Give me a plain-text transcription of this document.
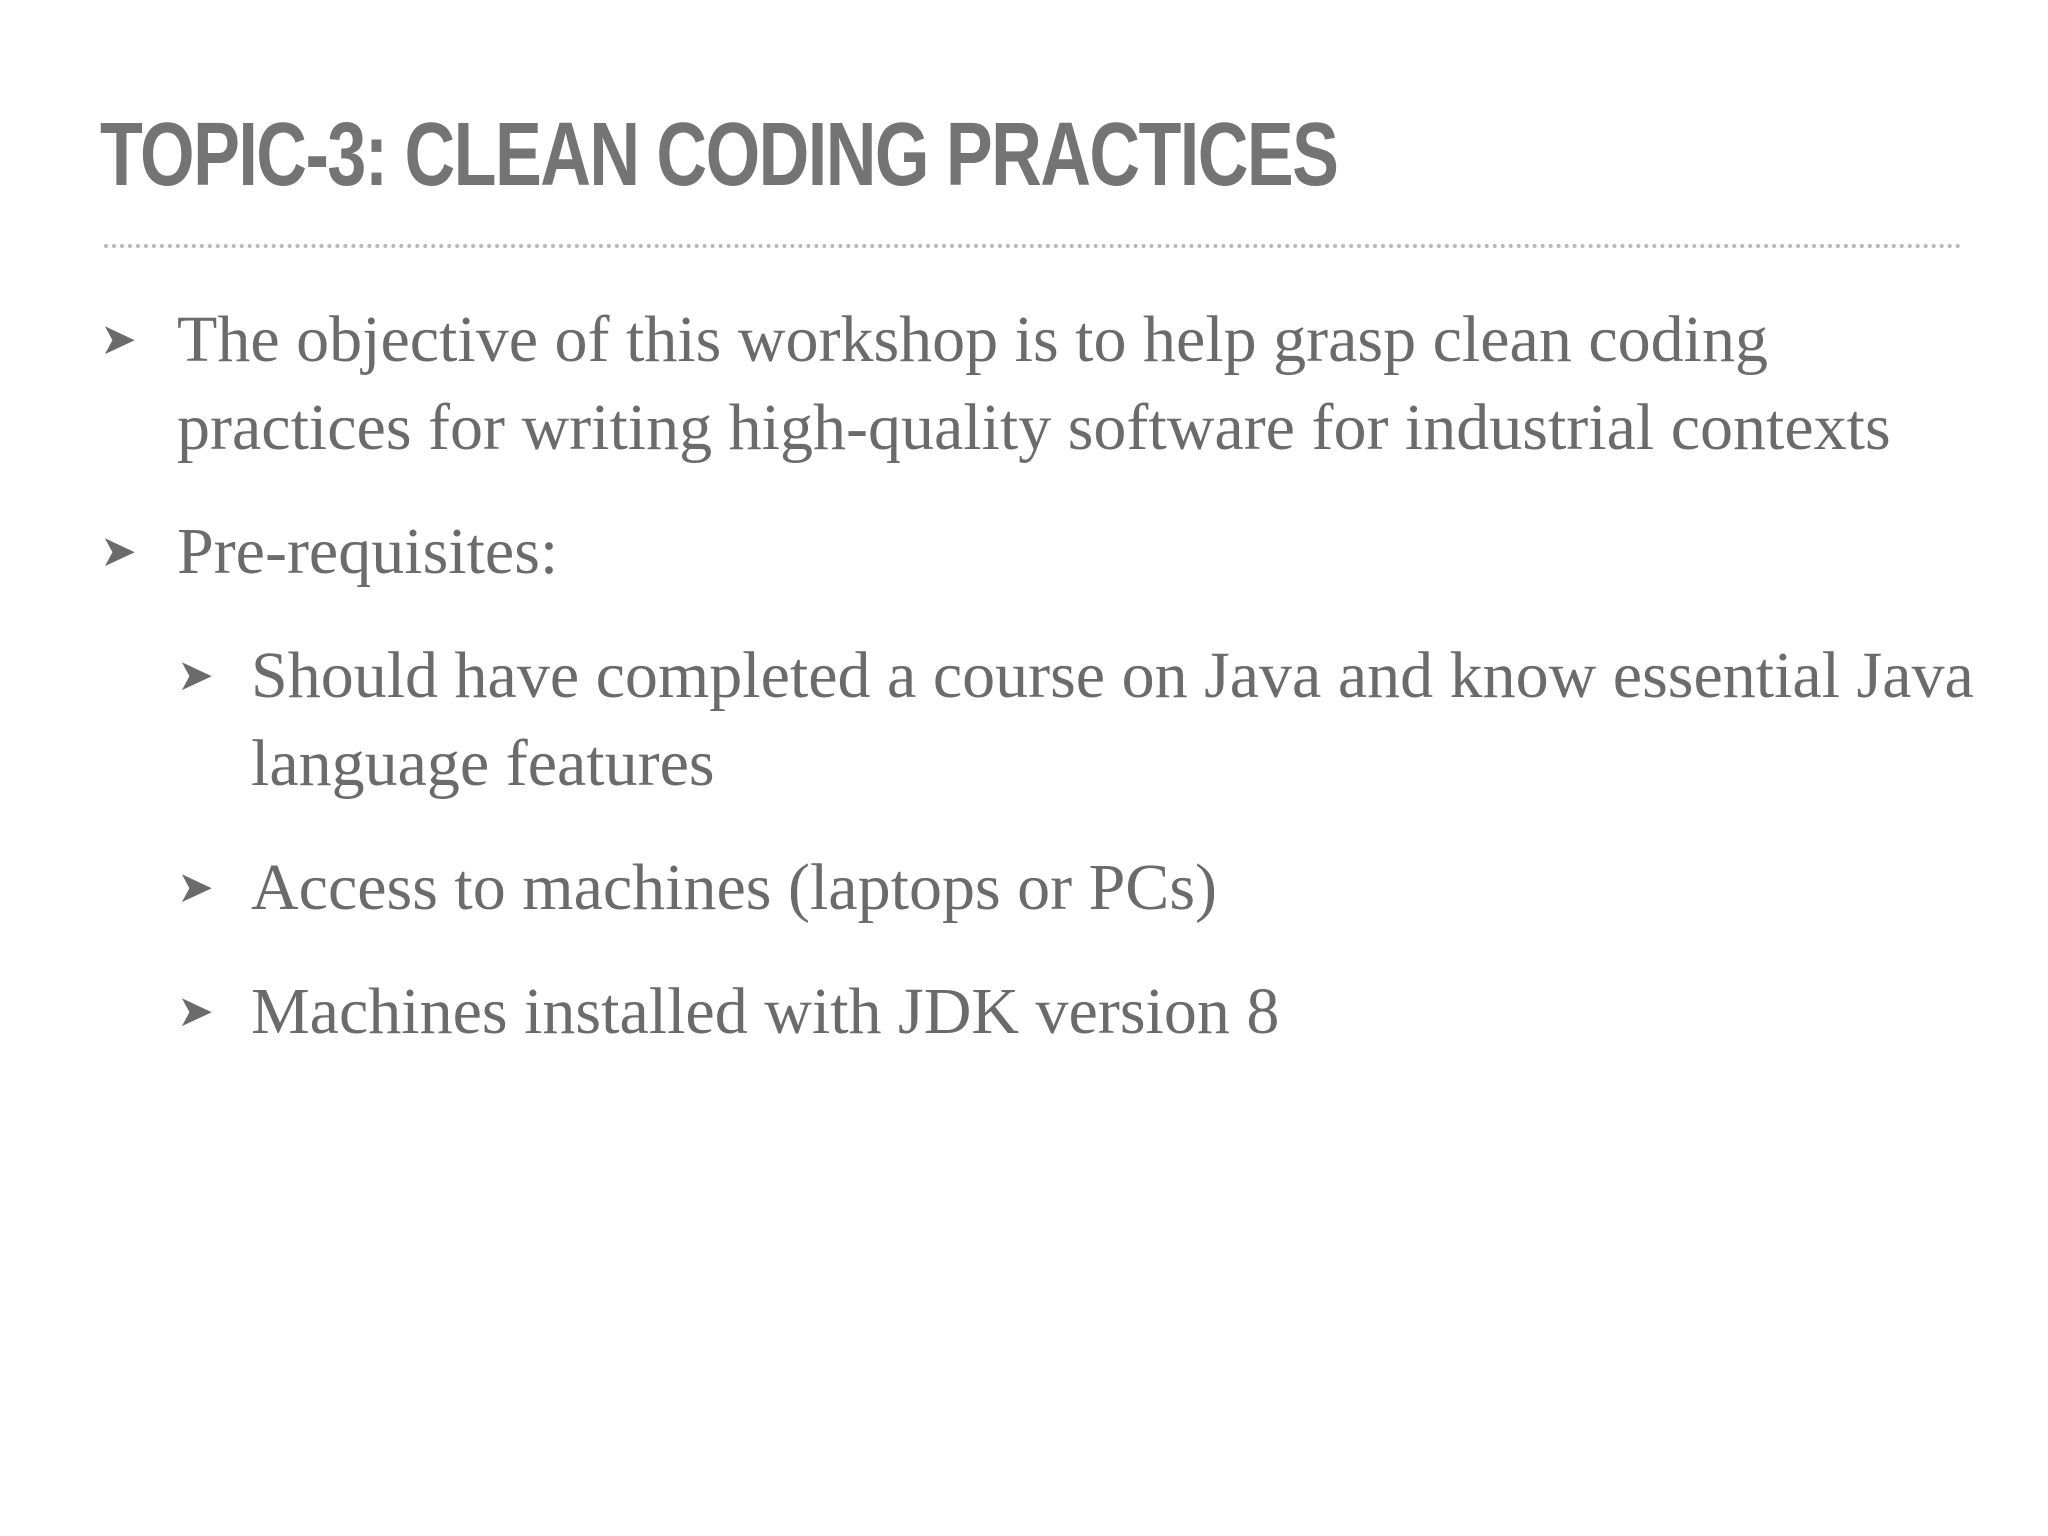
TOPIC-3: CLEAN CODING PRACTICES
➤ The objective of this workshop is to help grasp clean coding practices for writing high-quality software for industrial contexts
➤ Pre-requisites:
➤ Should have completed a course on Java and know essential Java language features
➤ Access to machines (laptops or PCs)
➤ Machines installed with JDK version 8
